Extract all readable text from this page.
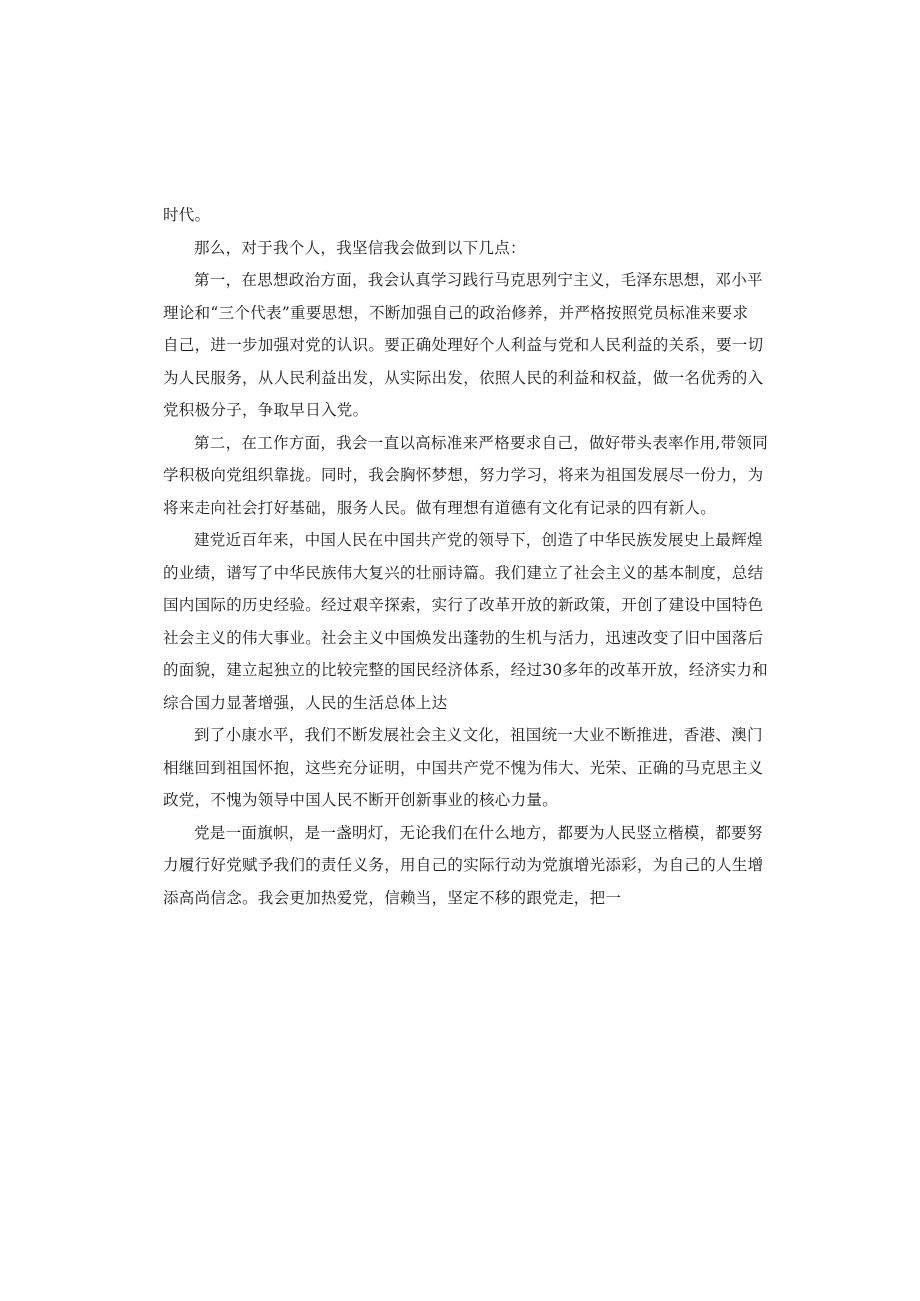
时代。
那么，对于我个人，我坚信我会做到以下几点：
第一，在思想政治方面，我会认真学习践行马克思列宁主义，毛泽东思想，邓小平
理论和“三个代表”重要思想，不断加强自己的政治修养，并严格按照党员标准来要求
自己，进一步加强对党的认识。要正确处理好个人利益与党和人民利益的关系，要一切
为人民服务，从人民利益出发，从实际出发，依照人民的利益和权益，做一名优秀的入
党积极分子，争取早日入党。
第二，在工作方面，我会一直以高标准来严格要求自己，做好带头表率作用,带领同
学积极向党组织靠拢。同时，我会胸怀梦想，努力学习，将来为祖国发展尽一份力，为
将来走向社会打好基础，服务人民。做有理想有道德有文化有记录的四有新人。
建党近百年来，中国人民在中国共产党的领导下，创造了中华民族发展史上最辉煌
的业绩，谱写了中华民族伟大复兴的壮丽诗篇。我们建立了社会主义的基本制度，总结
国内国际的历史经验。经过艰辛探索，实行了改革开放的新政策，开创了建设中国特色
社会主义的伟大事业。社会主义中国焕发出蓬勃的生机与活力，迅速改变了旧中国落后
的面貌，建立起独立的比较完整的国民经济体系，经过30多年的改革开放，经济实力和
综合国力显著增强，人民的生活总体上达
到了小康水平，我们不断发展社会主义文化，祖国统一大业不断推进，香港、澳门
相继回到祖国怀抱，这些充分证明，中国共产党不愧为伟大、光荣、正确的马克思主义
政党，不愧为领导中国人民不断开创新事业的核心力量。
党是一面旗帜，是一盏明灯，无论我们在什么地方，都要为人民竖立楷模，都要努
力履行好党赋予我们的责任义务，用自己的实际行动为党旗增光添彩，为自己的人生增
添高尚信念。我会更加热爱党，信赖当，坚定不移的跟党走，把一
